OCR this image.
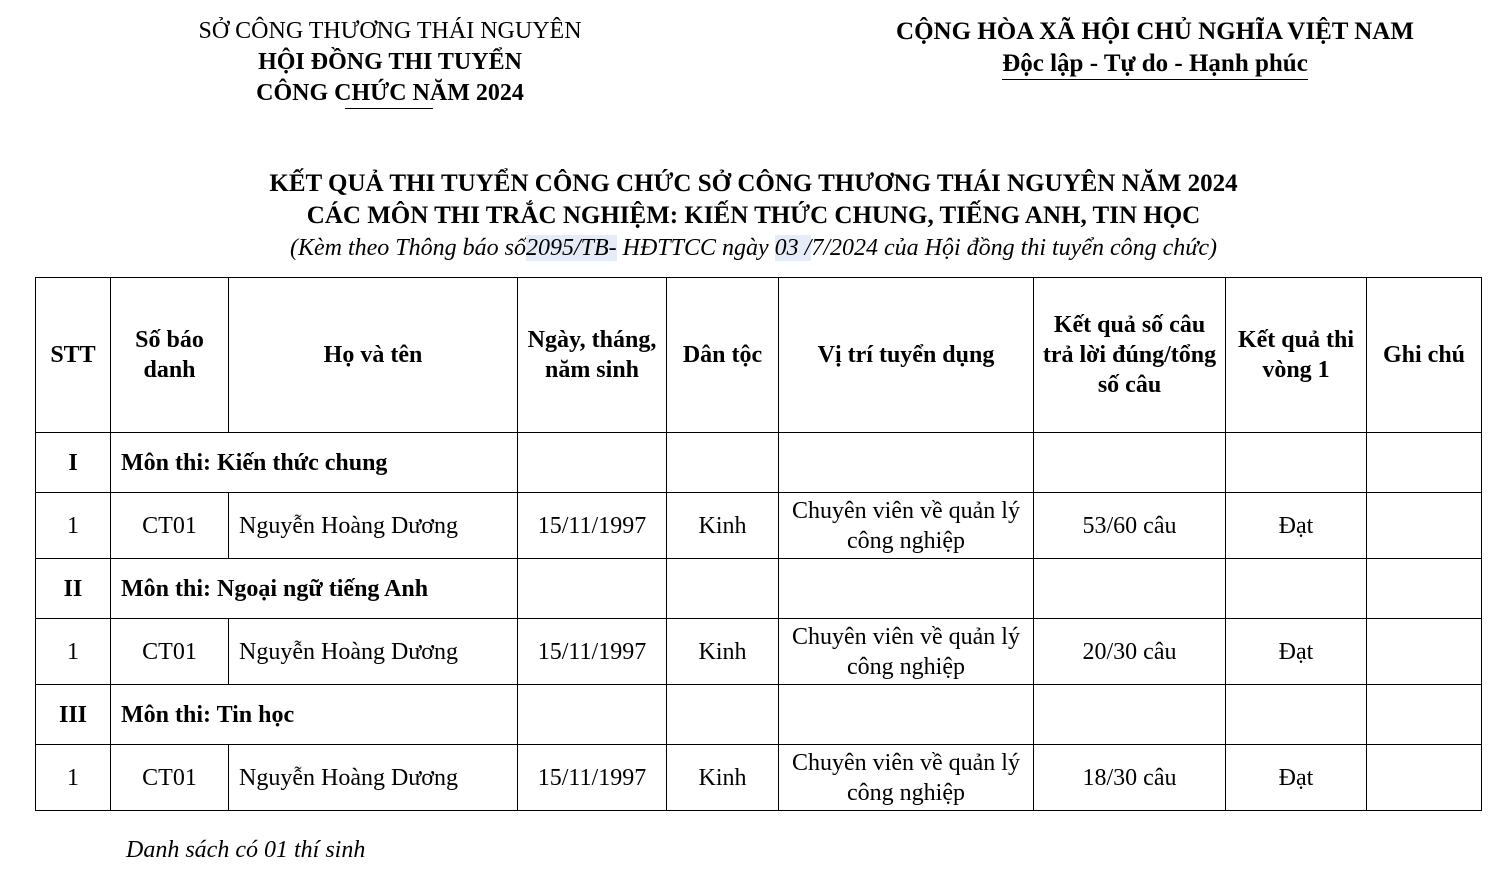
SỞ CÔNG THƯƠNG THÁI NGUYÊN
HỘI ĐỒNG THI TUYỂN
CÔNG CHỨC NĂM 2024
CỘNG HÒA XÃ HỘI CHỦ NGHĨA VIỆT NAM
Độc lập - Tự do - Hạnh phúc
KẾT QUẢ THI TUYỂN CÔNG CHỨC SỞ CÔNG THƯƠNG THÁI NGUYÊN NĂM 2024
CÁC MÔN THI TRẮC NGHIỆM: KIẾN THỨC CHUNG, TIẾNG ANH, TIN HỌC
(Kèm theo Thông báo số2095/TB- HĐTTCC ngày 03 /7/2024 của Hội đồng thi tuyển công chức)
STT	Số báo danh	Họ và tên	Ngày, tháng, năm sinh	Dân tộc	Vị trí tuyển dụng	Kết quả số câu trả lời đúng/tổng số câu	Kết quả thi vòng 1	Ghi chú
I	Môn thi: Kiến thức chung							
1	CT01	Nguyễn Hoàng Dương	15/11/1997	Kinh	Chuyên viên về quản lý công nghiệp	53/60 câu	Đạt	
II	Môn thi: Ngoại ngữ tiếng Anh							
1	CT01	Nguyễn Hoàng Dương	15/11/1997	Kinh	Chuyên viên về quản lý công nghiệp	20/30 câu	Đạt	
III	Môn thi: Tin học							
1	CT01	Nguyễn Hoàng Dương	15/11/1997	Kinh	Chuyên viên về quản lý công nghiệp	18/30 câu	Đạt	
Danh sách có 01 thí sinh
